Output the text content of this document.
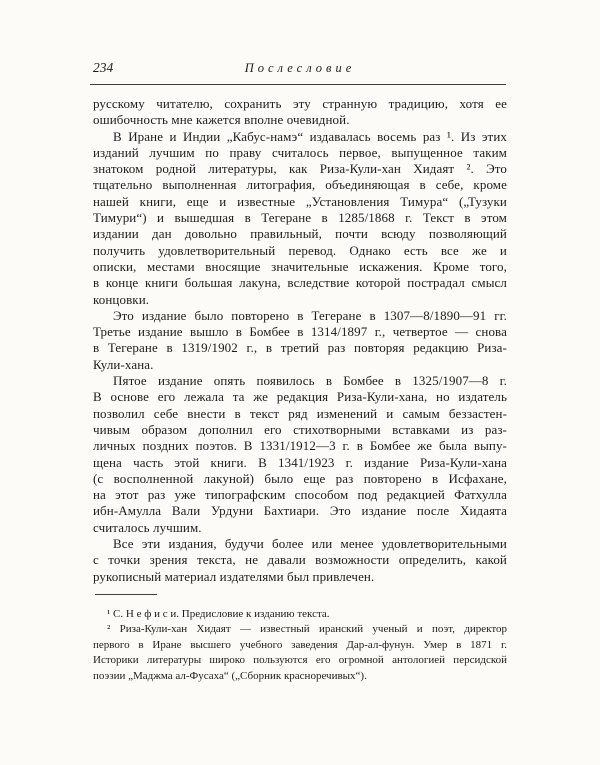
234	Послесловие
русскому читателю, сохранить эту странную традицию, хотя ее
ошибочность мне кажется вполне очевидной.
В Иране и Индии „Кабус-намэ“ издавалась восемь раз ¹. Из этих
изданий лучшим по праву считалось первое, выпущенное таким
знатоком родной литературы, как Риза-Кули-хан Хидаят ². Это
тщательно выполненная литография, объединяющая в себе, кроме
нашей книги, еще и известные „Установления Тимура“ („Тузуки
Тимури“) и вышедшая в Тегеране в 1285/1868 г. Текст в этом
издании дан довольно правильный, почти всюду позволяющий
получить удовлетворительный перевод. Однако есть все же и
описки, местами вносящие значительные искажения. Кроме того,
в конце книги большая лакуна, вследствие которой пострадал смысл
концовки.
Это издание было повторено в Тегеране в 1307—8/1890—91 гг.
Третье издание вышло в Бомбее в 1314/1897 г., четвертое — снова
в Тегеране в 1319/1902 г., в третий раз повторяя редакцию Риза-
Кули-хана.
Пятое издание опять появилось в Бомбее в 1325/1907—8 г.
В основе его лежала та же редакция Риза-Кули-хана, но издатель
позволил себе внести в текст ряд изменений и самым беззастен-
чивым образом дополнил его стихотворными вставками из раз-
личных поздних поэтов. В 1331/1912—3 г. в Бомбее же была выпу-
щена часть этой книги. В 1341/1923 г. издание Риза-Кули-хана
(с восполненной лакуной) было еще раз повторено в Исфахане,
на этот раз уже типографским способом под редакцией Фатхулла
ибн-Амулла Вали Урдуни Бахтиари. Это издание после Хидаята
считалось лучшим.
Все эти издания, будучи более или менее удовлетворительными
с точки зрения текста, не давали возможности определить, какой
рукописный материал издателями был привлечен.
¹ С. Н е ф и с и. Предисловие к изданию текста.
² Риза-Кули-хан Хидаят — известный иранский ученый и поэт, директор
первого в Иране высшего учебного заведения Дар-ал-фунун. Умер в 1871 г.
Историки литературы широко пользуются его огромной антологией персидской
поэзии „Маджма ал-Фусаха“ („Сборник красноречивых“).
